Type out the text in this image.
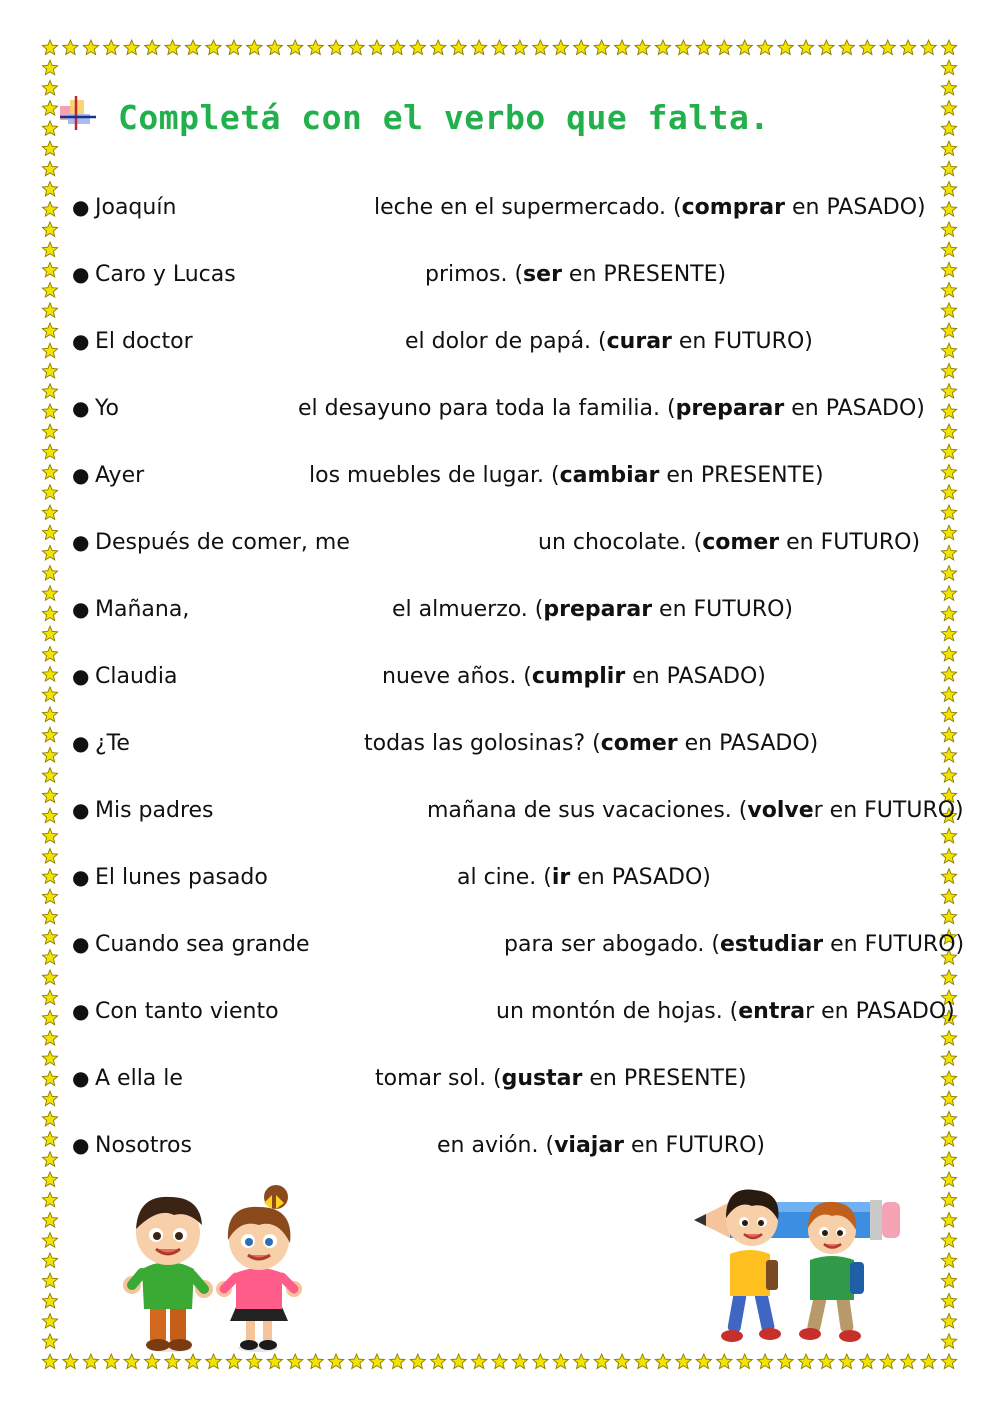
Completá con el verbo que falta.
● Joaquín	leche en el supermercado. (comprar en PASADO)
● Caro y Lucas	primos. (ser en PRESENTE)
● El doctor	el dolor de papá. (curar en FUTURO)
● Yo	el desayuno para toda la familia. (preparar en PASADO)
● Ayer	los muebles de lugar. (cambiar en PRESENTE)
● Después de comer, me	un chocolate. (comer en FUTURO)
● Mañana,	el almuerzo. (preparar en FUTURO)
● Claudia	nueve años. (cumplir en PASADO)
● ¿Te	todas las golosinas? (comer en PASADO)
● Mis padres	mañana de sus vacaciones. (volver en FUTURO)
● El lunes pasado	al cine. (ir en PASADO)
● Cuando sea grande	para ser abogado. (estudiar en FUTURO)
● Con tanto viento	un montón de hojas. (entrar en PASADO)
● A ella le	tomar sol. (gustar en PRESENTE)
● Nosotros	en avión. (viajar en FUTURO)
